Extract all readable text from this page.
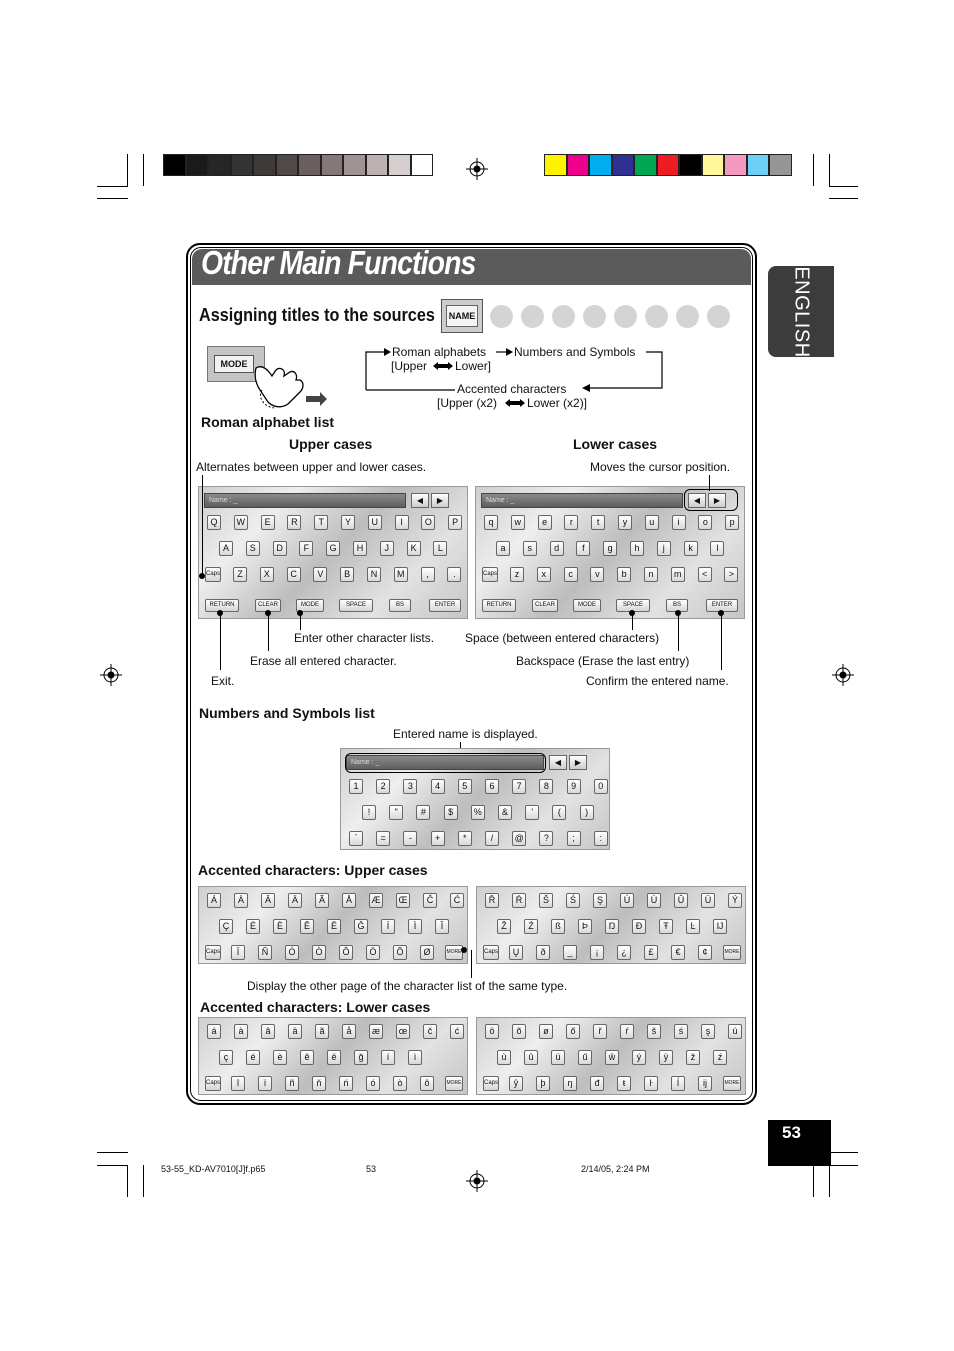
ENGLISH
53
Other Main Functions
Assigning titles to the sources	NAME
MODE
Roman alphabets Numbers and Symbols
[Upper Lower]
Accented characters
[Upper (x2) Lower (x2)]
Roman alphabet list
Upper cases	Lower cases
Alternates between upper and lower cases.	Moves the cursor position.
Name : _	◀	▶
Q	W	E	R	T	Y	U	I	O	P
A	S	D	F	G	H	J	K	L
Caps	Z	X	C	V	B	N	M	,	.
RETURN	CLEAR	MODE	SPACE	BS	ENTER
Name : _	◀	▶
q	w	e	r	t	y	u	i	o	p
a	s	d	f	g	h	j	k	l
Caps	z	x	c	v	b	n	m	<	>
RETURN	CLEAR	MODE	SPACE	BS	ENTER
Enter other character lists.
Erase all entered character.
Exit.
Space (between entered characters)
Backspace (Erase the last entry)
Confirm the entered name.
Numbers and Symbols list
Entered name is displayed.
Name : _	◀	▶
1	2	3	4	5	6	7	8	9	0
!	"	#	$	%	&	'	(	)
`	=	-	+	*	/	@	?	;	:
Accented characters: Upper cases
Á	À	Â	Ä	Ã	Å	Æ Œ	Č	Ć
Ç	É	È	Ê	Ë	Ğ	Í	Ì	Î
Caps	Ï	Ñ	Ó	Ò	Ô	Ö	Õ	Ø	MORE
Ř	Ŕ	Š	Ś	Ş	Ú	Ù	Û	Ü	Ý
Ž	Ź	ß	Þ	Ŋ	Đ	Ŧ	Ŀ	Ĳ
Caps	Ų	ð	_	¡	¿	£	€	¢	MORE
Display the other page of the character list of the same type.
Accented characters: Lower cases
á	à	â	ä	ã	å	æ	œ	č	ć
ç	é	è	ê	ë	ğ	í	ì
Caps	î	ï	ñ	ň	ń	ó	ò	ô	MORE
ö	õ	ø	ő	ř	ŕ	š	ś	ş	ú
ù	û	ü	ű	ŵ	ý	ÿ	ž	ź
Caps	ŷ	þ	ŋ	đ	ŧ	ŀ	ĺ	ĳ	MORE
53-55_KD-AV7010[J]f.p65	53	2/14/05, 2:24 PM
